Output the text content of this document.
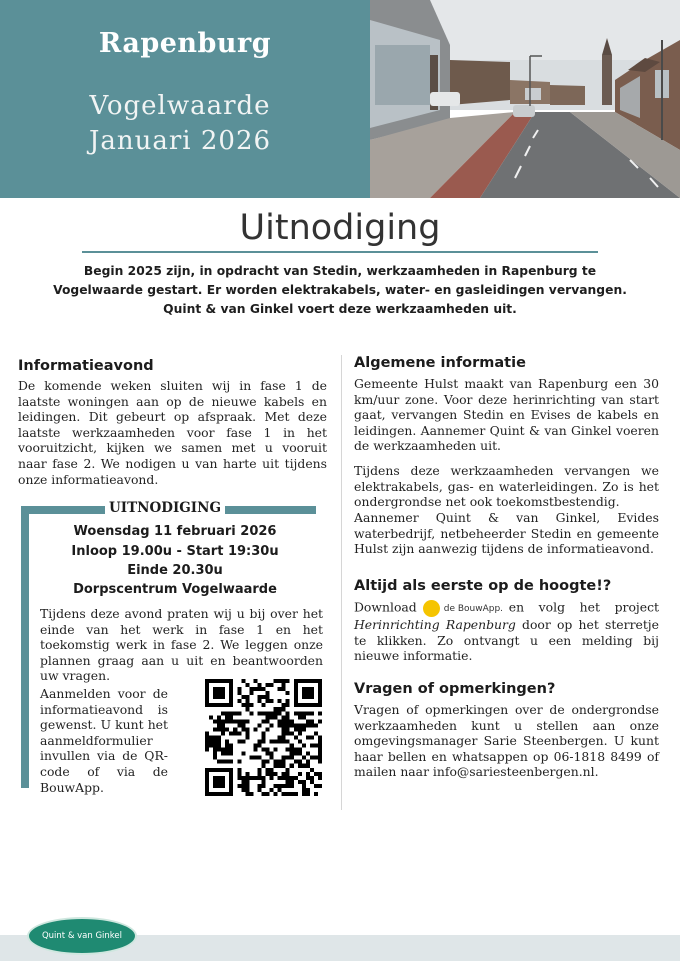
Rapenburg
Vogelwaarde
Januari 2026
Uitnodiging
Begin 2025 zijn, in opdracht van Stedin, werkzaamheden in Rapenburg te Vogelwaarde gestart. Er worden elektrakabels, water- en gasleidingen vervangen. Quint & van Ginkel voert deze werkzaamheden uit.
Informatieavond
De komende weken sluiten wij in fase 1 de laatste woningen aan op de nieuwe kabels en leidingen. Dit gebeurt op afspraak. Met deze laatste werkzaamheden voor fase 1 in het vooruitzicht, kijken we samen met u vooruit naar fase 2. We nodigen u van harte uit tijdens onze informatieavond.
UITNODIGING
Woensdag 11 februari 2026
Inloop 19.00u - Start 19:30u
Einde 20.30u
Dorpscentrum Vogelwaarde
Tijdens deze avond praten wij u bij over het einde van het werk in fase 1 en het toekomstig werk in fase 2. We leggen onze plannen graag aan u uit en beantwoorden uw vragen.
Aanmelden voor de informatieavond is gewenst. U kunt het aanmeldformulier invullen via de QR-code of via de BouwApp.
Algemene informatie
Gemeente Hulst maakt van Rapenburg een 30 km/uur zone. Voor deze herinrichting van start gaat, vervangen Stedin en Evises de kabels en leidingen. Aannemer Quint & van Ginkel voeren de werkzaamheden uit.
Tijdens deze werkzaamheden vervangen we elektrakabels, gas- en waterleidingen. Zo is het ondergrondse net ook toekomstbestendig.
Aannemer Quint & van Ginkel, Evides waterbedrijf, netbeheerder Stedin en gemeente Hulst zijn aanwezig tijdens de informatieavond.
Altijd als eerste op de hoogte!?
Download	de BouwApp. en volg het project Herinrichting Rapenburg door op het sterretje te klikken. Zo ontvangt u een melding bij nieuwe informatie.
Vragen of opmerkingen?
Vragen of opmerkingen over de ondergrondse werkzaamheden kunt u stellen aan onze omgevingsmanager Sarie Steenbergen. U kunt haar bellen en whatsappen op 06-1818 8499 of mailen naar info@sariesteenbergen.nl.
Quint & van Ginkel
